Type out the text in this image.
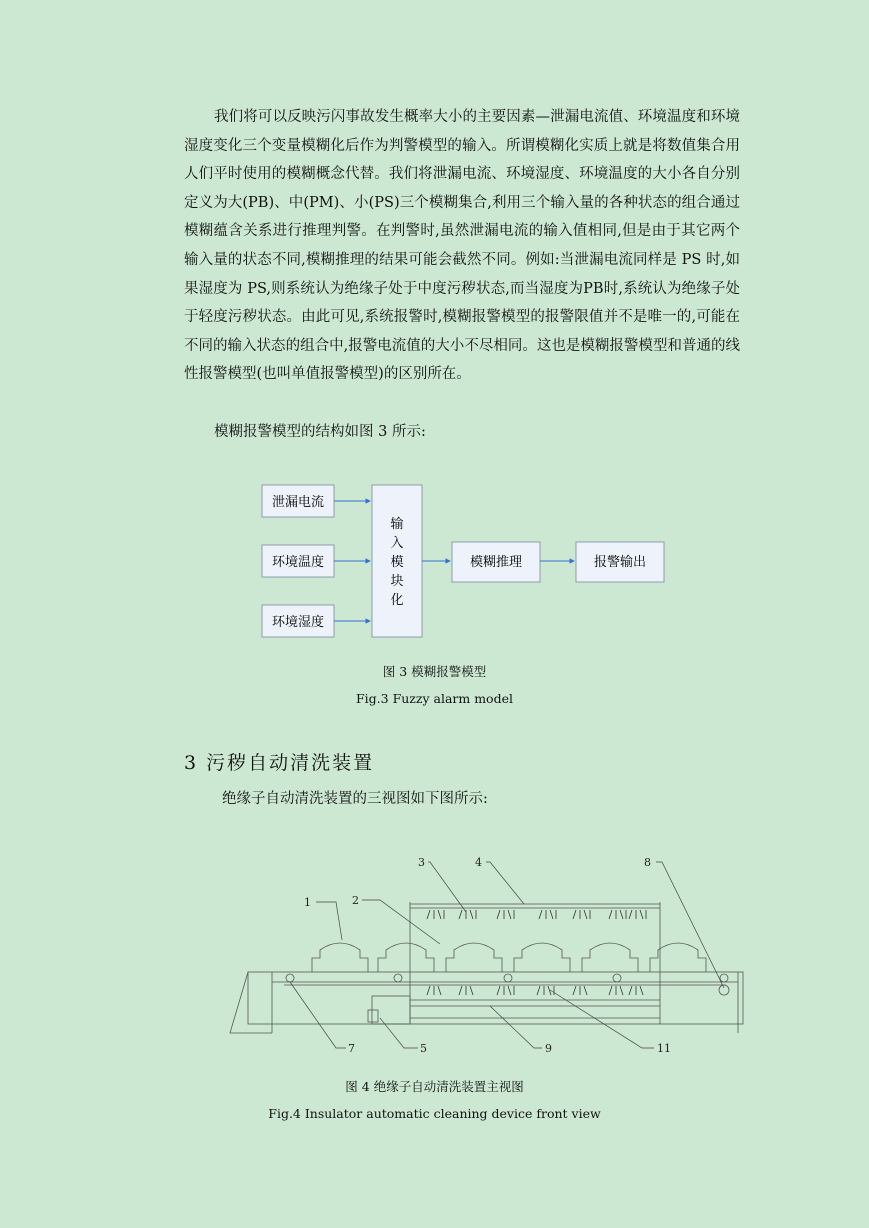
我们将可以反映污闪事故发生概率大小的主要因素—泄漏电流值、环境温度和环境湿度变化三个变量模糊化后作为判警模型的输入。所谓模糊化实质上就是将数值集合用人们平时使用的模糊概念代替。我们将泄漏电流、环境湿度、环境温度的大小各自分别定义为大(PB)、中(PM)、小(PS)三个模糊集合,利用三个输入量的各种状态的组合通过模糊蕴含关系进行推理判警。在判警时,虽然泄漏电流的输入值相同,但是由于其它两个输入量的状态不同,模糊推理的结果可能会截然不同。例如:当泄漏电流同样是 PS 时,如果湿度为 PS,则系统认为绝缘子处于中度污秽状态,而当湿度为PB时,系统认为绝缘子处于轻度污秽状态。由此可见,系统报警时,模糊报警模型的报警限值并不是唯一的,可能在不同的输入状态的组合中,报警电流值的大小不尽相同。这也是模糊报警模型和普通的线性报警模型(也叫单值报警模型)的区别所在。

模糊报警模型的结构如图 3 所示:

泄漏电流
环境温度
环境湿度
输
入
模
块
化
模糊推理	报警输出
图 3 模糊报警模型
Fig.3 Fuzzy alarm model
3 污秽自动清洗装置

绝缘子自动清洗装置的三视图如下图所示:

1	2
3	4	8
7	5	9	11
图 4 绝缘子自动清洗装置主视图
Fig.4 Insulator automatic cleaning device front view
